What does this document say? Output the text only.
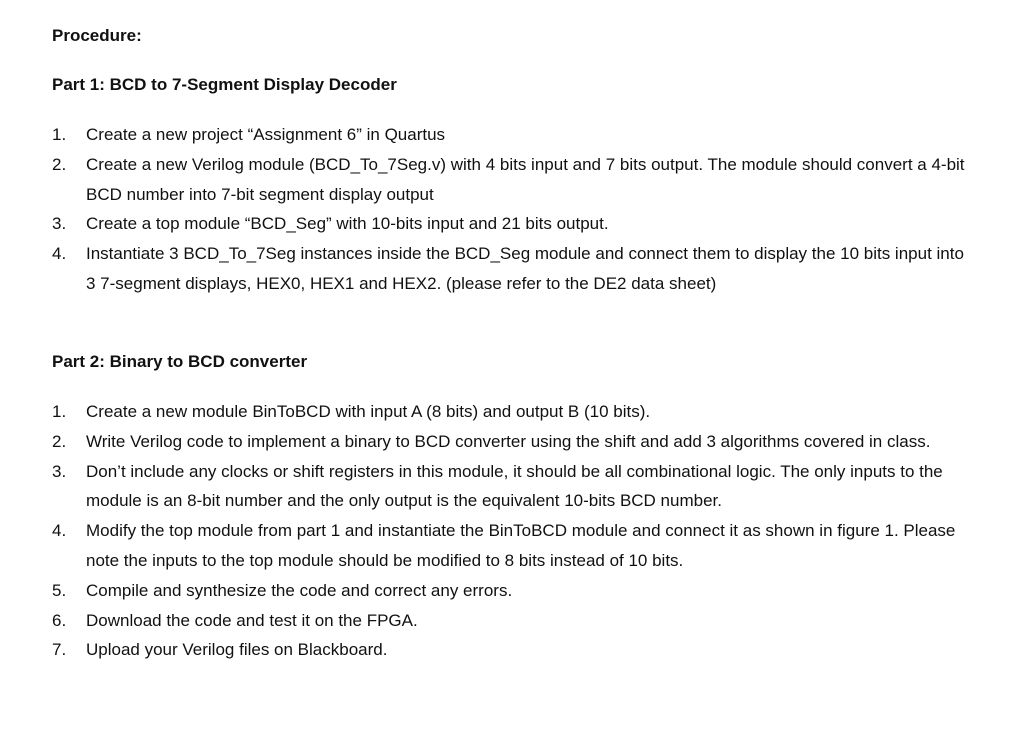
Procedure:
Part 1: BCD to 7-Segment Display Decoder
1.	Create a new project “Assignment 6” in Quartus
2.	Create a new Verilog module (BCD_To_7Seg.v) with 4 bits input and 7 bits output. The module should convert a 4-bit BCD number into 7-bit segment display output
3.	Create a top module “BCD_Seg” with 10-bits input and 21 bits output.
4.	Instantiate 3 BCD_To_7Seg instances inside the BCD_Seg module and connect them to display the 10 bits input into 3 7-segment displays, HEX0, HEX1 and HEX2. (please refer to the DE2 data sheet)
Part 2: Binary to BCD converter
1.	Create a new module BinToBCD with input A (8 bits) and output B (10 bits).
2.	Write Verilog code to implement a binary to BCD converter using the shift and add 3 algorithms covered in class.
3.	Don’t include any clocks or shift registers in this module, it should be all combinational logic. The only inputs to the module is an 8-bit number and the only output is the equivalent 10-bits BCD number.
4.	Modify the top module from part 1 and instantiate the BinToBCD module and connect it as shown in figure 1. Please note the inputs to the top module should be modified to 8 bits instead of 10 bits.
5.	Compile and synthesize the code and correct any errors.
6.	Download the code and test it on the FPGA.
7.	Upload your Verilog files on Blackboard.
